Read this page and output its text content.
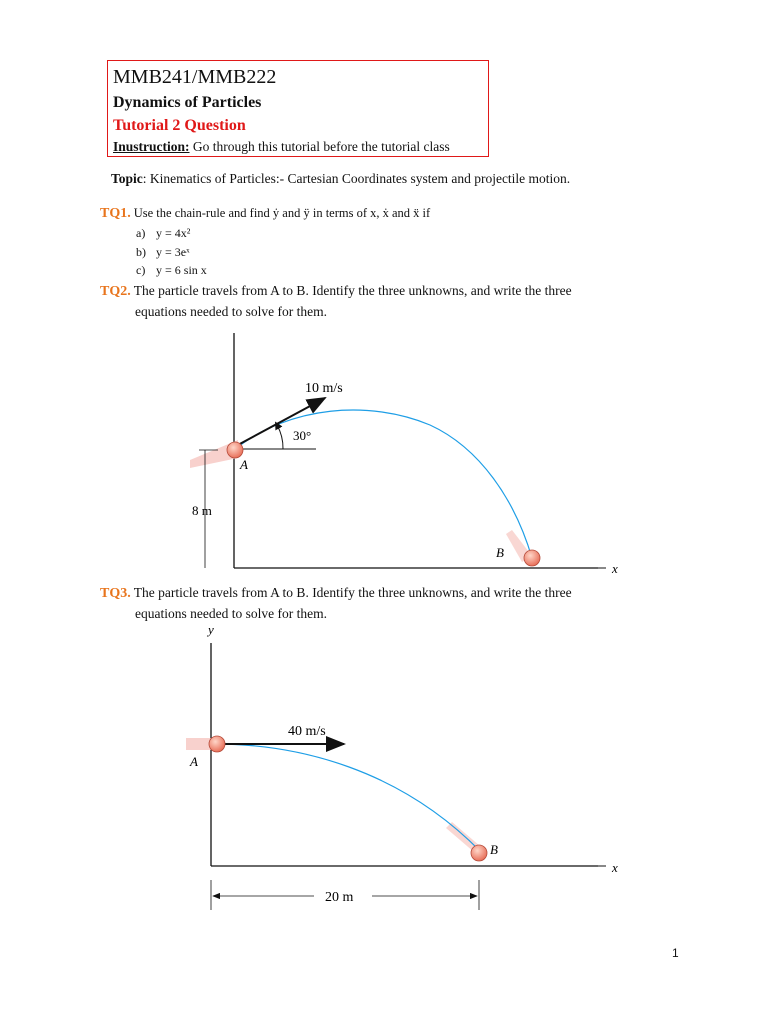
MMB241/MMB222
Dynamics of Particles
Tutorial 2 Question
Inustruction: Go through this tutorial before the tutorial class
Topic: Kinematics of Particles:- Cartesian Coordinates system and projectile motion.
TQ1. Use the chain-rule and find ẏ and ÿ in terms of x, ẋ and ẍ if
a) y = 4x²
b) y = 3eˣ
c) y = 6 sin x
TQ2. The particle travels from A to B. Identify the three unknowns, and write the three
equations needed to solve for them.
10 m/s
30°
A
8 m
B
x
TQ3. The particle travels from A to B. Identify the three unknowns, and write the three
equations needed to solve for them.
y
40 m/s
A
B
x
20 m
1
